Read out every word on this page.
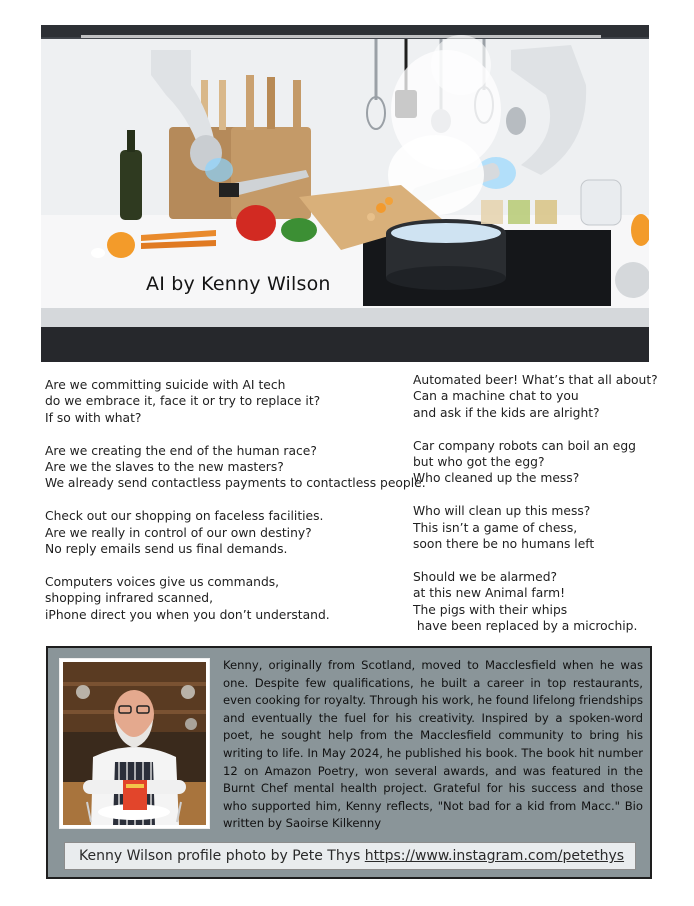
AI by Kenny Wilson
Are we committing suicide with AI tech
do we embrace it, face it or try to replace it?
If so with what?
Are we creating the end of the human race?
Are we the slaves to the new masters?
We already send contactless payments to contactless people.
Check out our shopping on faceless facilities.
Are we really in control of our own destiny?
No reply emails send us final demands.
Computers voices give us commands,
shopping infrared scanned,
iPhone direct you when you don’t understand.
Automated beer! What’s that all about?
Can a machine chat to you
and ask if the kids are alright?
Car company robots can boil an egg
but who got the egg?
Who cleaned up the mess?
Who will clean up this mess?
This isn’t a game of chess,
soon there be no humans left
Should we be alarmed?
at this new Animal farm!
The pigs with their whips
have been replaced by a microchip.
Kenny, originally from Scotland, moved to Macclesfield when he was one. Despite few qualifications, he built a career in top restaurants, even cooking for royalty. Through his work, he found lifelong friendships and eventually the fuel for his creativity. Inspired by a spoken-word poet, he sought help from the Macclesfield community to bring his writing to life. In May 2024, he published his book. The book hit number 12 on Amazon Poetry, won several awards, and was featured in the Burnt Chef mental health project. Grateful for his success and those who supported him, Kenny reflects, "Not bad for a kid from Macc." Bio written by Saoirse Kilkenny
Kenny Wilson profile photo by Pete Thys https://www.instagram.com/petethys
